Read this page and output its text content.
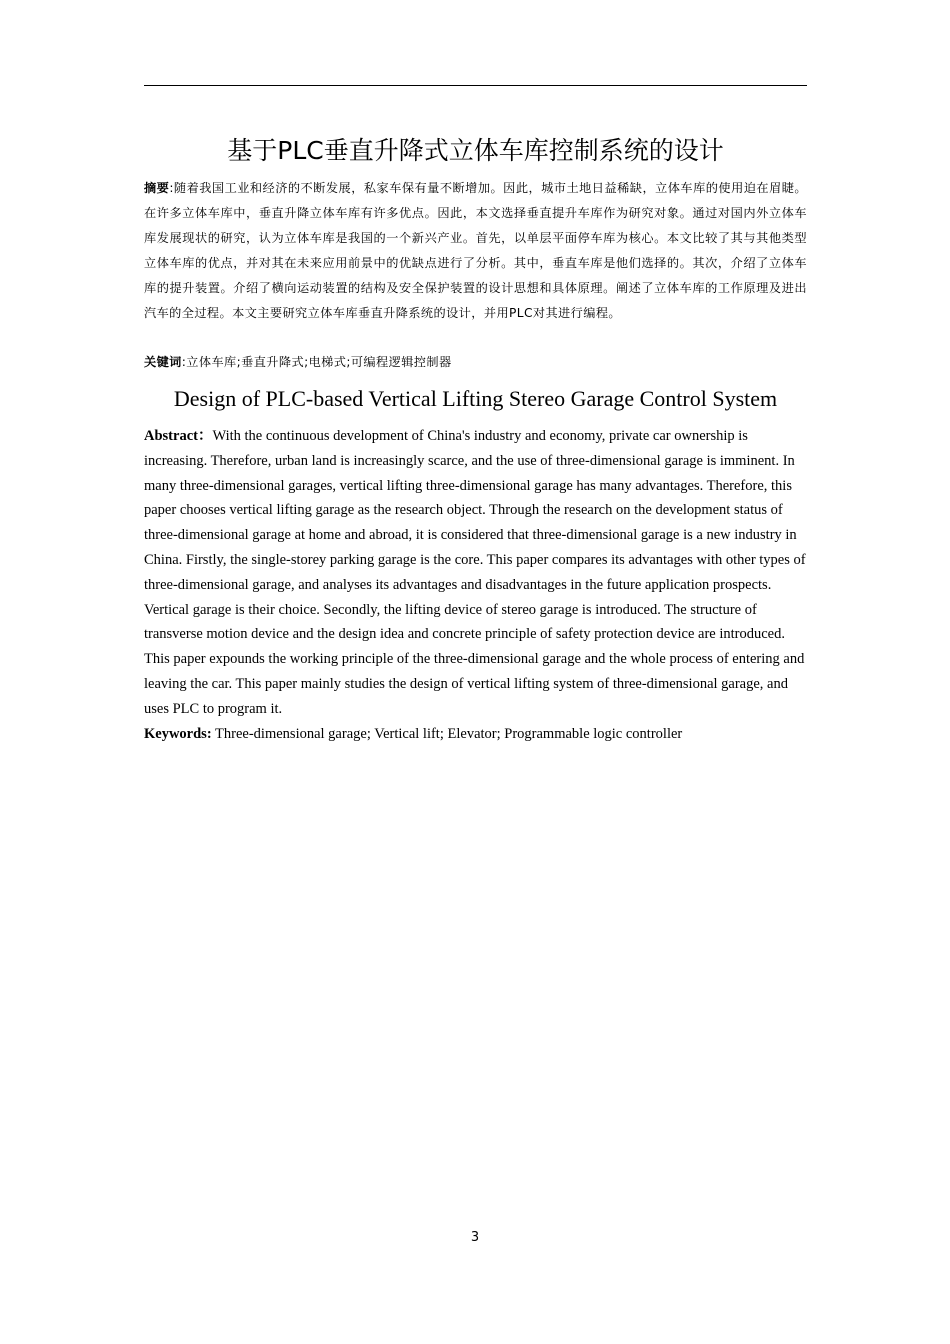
基于PLC垂直升降式立体车库控制系统的设计
摘要:随着我国工业和经济的不断发展，私家车保有量不断增加。因此，城市土地日益稀缺，立体车库的使用迫在眉睫。在许多立体车库中，垂直升降立体车库有许多优点。因此，本文选择垂直提升车库作为研究对象。通过对国内外立体车库发展现状的研究，认为立体车库是我国的一个新兴产业。首先，以单层平面停车库为核心。本文比较了其与其他类型立体车库的优点，并对其在未来应用前景中的优缺点进行了分析。其中，垂直车库是他们选择的。其次，介绍了立体车库的提升装置。介绍了横向运动装置的结构及安全保护装置的设计思想和具体原理。阐述了立体车库的工作原理及进出汽车的全过程。本文主要研究立体车库垂直升降系统的设计，并用PLC对其进行编程。
关键词:立体车库;垂直升降式;电梯式;可编程逻辑控制器
Design of PLC-based Vertical Lifting Stereo Garage Control System
Abstract：With the continuous development of China's industry and economy, private car ownership is increasing. Therefore, urban land is increasingly scarce, and the use of three-dimensional garage is imminent. In many three-dimensional garages, vertical lifting three-dimensional garage has many advantages. Therefore, this paper chooses vertical lifting garage as the research object. Through the research on the development status of three-dimensional garage at home and abroad, it is considered that three-dimensional garage is a new industry in China. Firstly, the single-storey parking garage is the core. This paper compares its advantages with other types of three-dimensional garage, and analyses its advantages and disadvantages in the future application prospects. Vertical garage is their choice. Secondly, the lifting device of stereo garage is introduced. The structure of transverse motion device and the design idea and concrete principle of safety protection device are introduced. This paper expounds the working principle of the three-dimensional garage and the whole process of entering and leaving the car. This paper mainly studies the design of vertical lifting system of three-dimensional garage, and uses PLC to program it.
Keywords: Three-dimensional garage; Vertical lift; Elevator; Programmable logic controller
3
